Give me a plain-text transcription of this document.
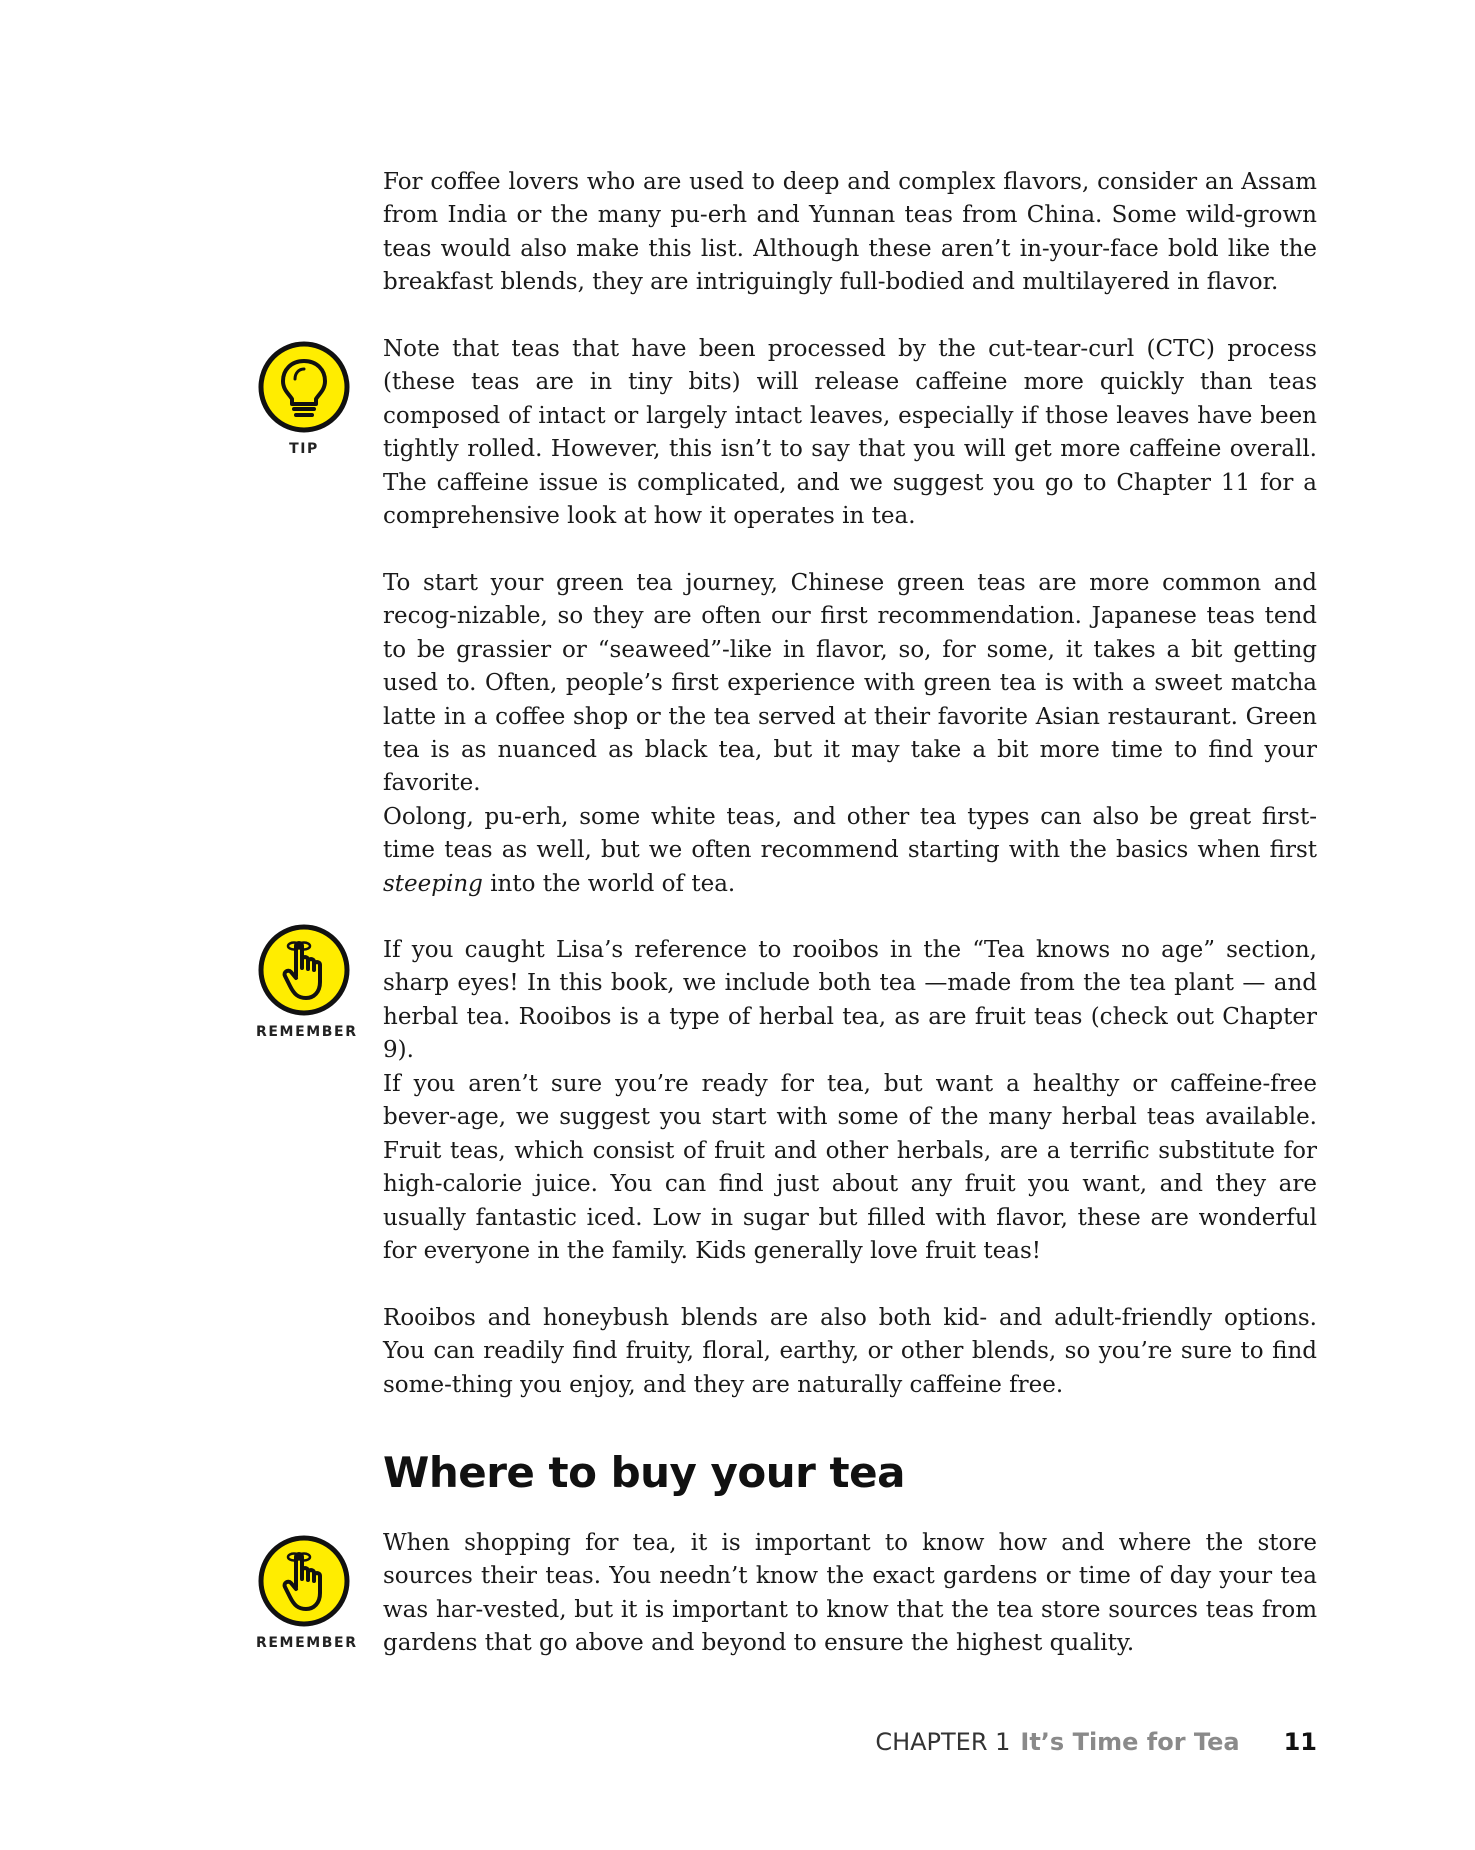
For coffee lovers who are used to deep and complex flavors, consider an Assam from India or the many pu-erh and Yunnan teas from China. Some wild-grown teas would also make this list. Although these aren’t in-your-face bold like the breakfast blends, they are intriguingly full-bodied and multilayered in flavor.

TIP

Note that teas that have been processed by the cut-tear-curl (CTC) process (these teas are in tiny bits) will release caffeine more quickly than teas composed of intact or largely intact leaves, especially if those leaves have been tightly rolled. However, this isn’t to say that you will get more caffeine overall. The caffeine issue is complicated, and we suggest you go to Chapter 11 for a comprehensive look at how it operates in tea.

To start your green tea journey, Chinese green teas are more common and recog-nizable, so they are often our first recommendation. Japanese teas tend to be grassier or “seaweed”-like in flavor, so, for some, it takes a bit getting used to. Often, people’s first experience with green tea is with a sweet matcha latte in a coffee shop or the tea served at their favorite Asian restaurant. Green tea is as nuanced as black tea, but it may take a bit more time to find your favorite.

Oolong, pu-erh, some white teas, and other tea types can also be great first-time teas as well, but we often recommend starting with the basics when first steeping into the world of tea.

REMEMBER

If you caught Lisa’s reference to rooibos in the “Tea knows no age” section, sharp eyes! In this book, we include both tea —made from the tea plant — and herbal tea. Rooibos is a type of herbal tea, as are fruit teas (check out Chapter 9).

If you aren’t sure you’re ready for tea, but want a healthy or caffeine-free bever-age, we suggest you start with some of the many herbal teas available. Fruit teas, which consist of fruit and other herbals, are a terrific substitute for high-calorie juice. You can find just about any fruit you want, and they are usually fantastic iced. Low in sugar but filled with flavor, these are wonderful for everyone in the family. Kids generally love fruit teas!

Rooibos and honeybush blends are also both kid- and adult-friendly options. You can readily find fruity, floral, earthy, or other blends, so you’re sure to find some-thing you enjoy, and they are naturally caffeine free.

Where to buy your tea
REMEMBER

When shopping for tea, it is important to know how and where the store sources their teas. You needn’t know the exact gardens or time of day your tea was har-vested, but it is important to know that the tea store sources teas from gardens that go above and beyond to ensure the highest quality.

CHAPTER 1 It’s Time for Tea 11
